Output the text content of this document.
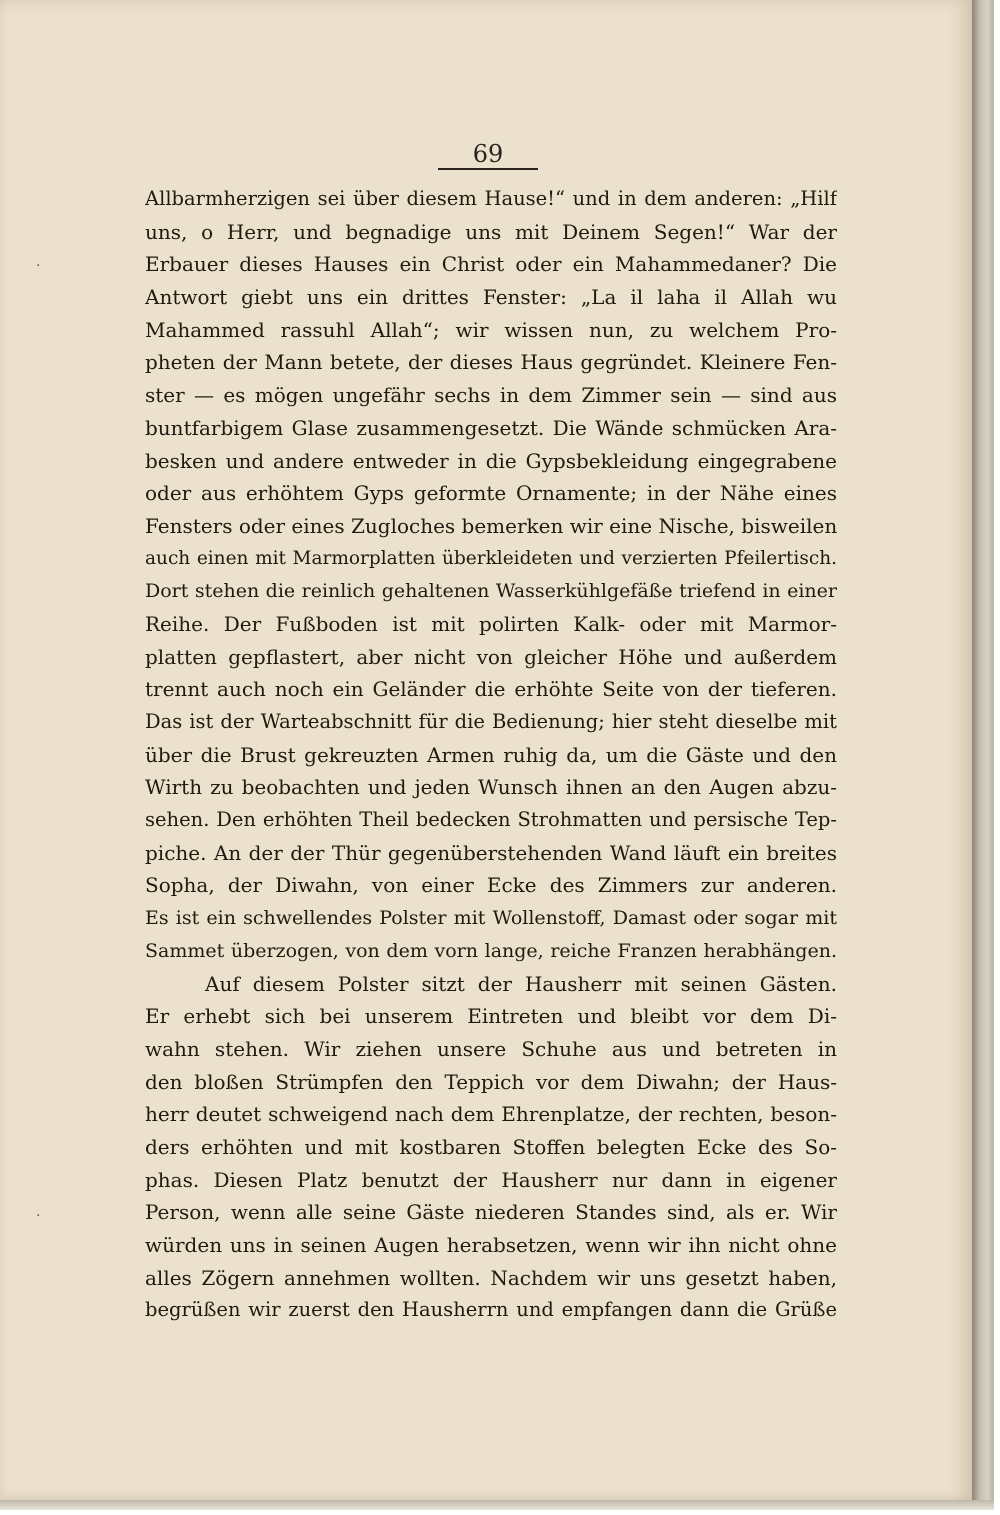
69
·
·
Allbarmherzigen sei über diesem Hause!“ und in dem anderen: „Hilf
uns, o Herr, und begnadige uns mit Deinem Segen!“ War der
Erbauer dieses Hauses ein Christ oder ein Mahammedaner? Die
Antwort giebt uns ein drittes Fenster: „La il laha il Allah wu
Mahammed rassuhl Allah“; wir wissen nun, zu welchem Pro-
pheten der Mann betete, der dieses Haus gegründet. Kleinere Fen-
ster — es mögen ungefähr sechs in dem Zimmer sein — sind aus
buntfarbigem Glase zusammengesetzt. Die Wände schmücken Ara-
besken und andere entweder in die Gypsbekleidung eingegrabene
oder aus erhöhtem Gyps geformte Ornamente; in der Nähe eines
Fensters oder eines Zugloches bemerken wir eine Nische, bisweilen
auch einen mit Marmorplatten überkleideten und verzierten Pfeilertisch.
Dort stehen die reinlich gehaltenen Wasserkühlgefäße triefend in einer
Reihe. Der Fußboden ist mit polirten Kalk- oder mit Marmor-
platten gepflastert, aber nicht von gleicher Höhe und außerdem
trennt auch noch ein Geländer die erhöhte Seite von der tieferen.
Das ist der Warteabschnitt für die Bedienung; hier steht dieselbe mit
über die Brust gekreuzten Armen ruhig da, um die Gäste und den
Wirth zu beobachten und jeden Wunsch ihnen an den Augen abzu-
sehen. Den erhöhten Theil bedecken Strohmatten und persische Tep-
piche. An der der Thür gegenüberstehenden Wand läuft ein breites
Sopha, der Diwahn, von einer Ecke des Zimmers zur anderen.
Es ist ein schwellendes Polster mit Wollenstoff, Damast oder sogar mit
Sammet überzogen, von dem vorn lange, reiche Franzen herabhängen.
Auf diesem Polster sitzt der Hausherr mit seinen Gästen.
Er erhebt sich bei unserem Eintreten und bleibt vor dem Di-
wahn stehen. Wir ziehen unsere Schuhe aus und betreten in
den bloßen Strümpfen den Teppich vor dem Diwahn; der Haus-
herr deutet schweigend nach dem Ehrenplatze, der rechten, beson-
ders erhöhten und mit kostbaren Stoffen belegten Ecke des So-
phas. Diesen Platz benutzt der Hausherr nur dann in eigener
Person, wenn alle seine Gäste niederen Standes sind, als er. Wir
würden uns in seinen Augen herabsetzen, wenn wir ihn nicht ohne
alles Zögern annehmen wollten. Nachdem wir uns gesetzt haben,
begrüßen wir zuerst den Hausherrn und empfangen dann die Grüße
